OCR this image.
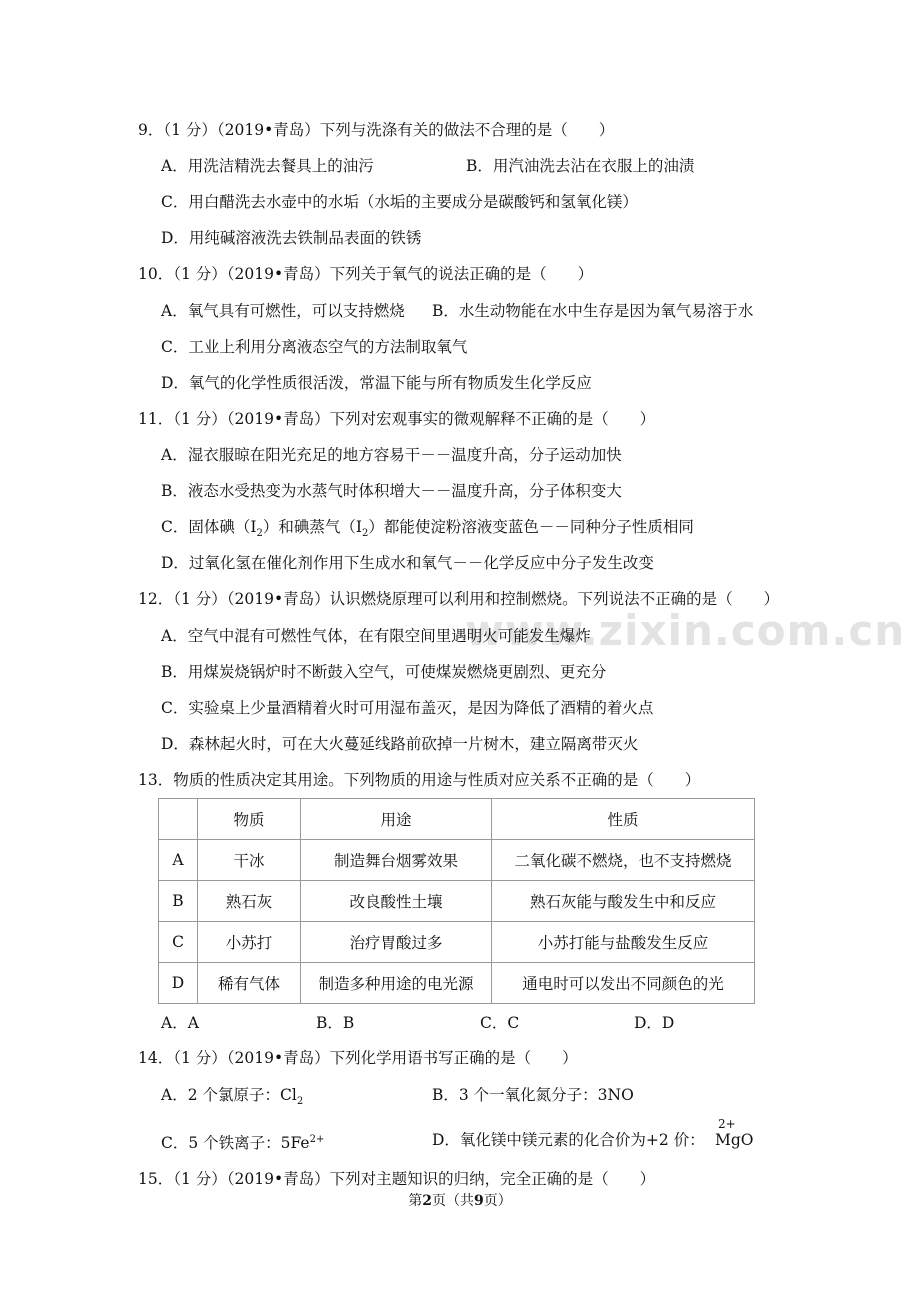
www.zixin.com.cn
9．（1 分）（2019•青岛）下列与洗涤有关的做法不合理的是（　　）
A．用洗洁精洗去餐具上的油污	B．用汽油洗去沾在衣服上的油渍
C．用白醋洗去水壶中的水垢（水垢的主要成分是碳酸钙和氢氧化镁）
D．用纯碱溶液洗去铁制品表面的铁锈
10．（1 分）（2019•青岛）下列关于氧气的说法正确的是（　　）
A．氧气具有可燃性，可以支持燃烧 B．水生动物能在水中生存是因为氧气易溶于水
C．工业上利用分离液态空气的方法制取氧气
D．氧气的化学性质很活泼，常温下能与所有物质发生化学反应
11．（1 分）（2019•青岛）下列对宏观事实的微观解释不正确的是（　　）
A．湿衣服晾在阳光充足的地方容易干－－温度升高，分子运动加快
B．液态水受热变为水蒸气时体积增大－－温度升高，分子体积变大
C．固体碘$(I_2)$和碘蒸气$(I_2)$都能使淀粉溶液变蓝色－－同种分子性质相同
D．过氧化氢在催化剂作用下生成水和氧气－－化学反应中分子发生改变
12．（1 分）（2019•青岛）认识燃烧原理可以利用和控制燃烧。下列说法不正确的是（　　）
A．空气中混有可燃性气体，在有限空间里遇明火可能发生爆炸
B．用煤炭烧锅炉时不断鼓入空气，可使煤炭燃烧更剧烈、更充分
C．实验桌上少量酒精着火时可用湿布盖灭，是因为降低了酒精的着火点
D．森林起火时，可在大火蔓延线路前砍掉一片树木，建立隔离带灭火
13．物质的性质决定其用途。下列物质的用途与性质对应关系不正确的是（　　）
	物质	用途	性质
A	干冰	制造舞台烟雾效果	二氧化碳不燃烧，也不支持燃烧
B	熟石灰	改良酸性土壤	熟石灰能与酸发生中和反应
C	小苏打	治疗胃酸过多	小苏打能与盐酸发生反应
D	稀有气体	制造多种用途的电光源	通电时可以发出不同颜色的光
A．A	B．B	C．C	D．D
14．（1 分）（2019•青岛）下列化学用语书写正确的是（　　）
A．2 个氯原子：$Cl_2$	B．3 个一氧化氮分子：3NO
C．5 个铁离子：$5Fe^{2+}$	D．氧化镁中镁元素的化合价为+2 价：
2+
MgO
15．（1 分）（2019•青岛）下列对主题知识的归纳，完全正确的是（　　）
第2页（共9页）
